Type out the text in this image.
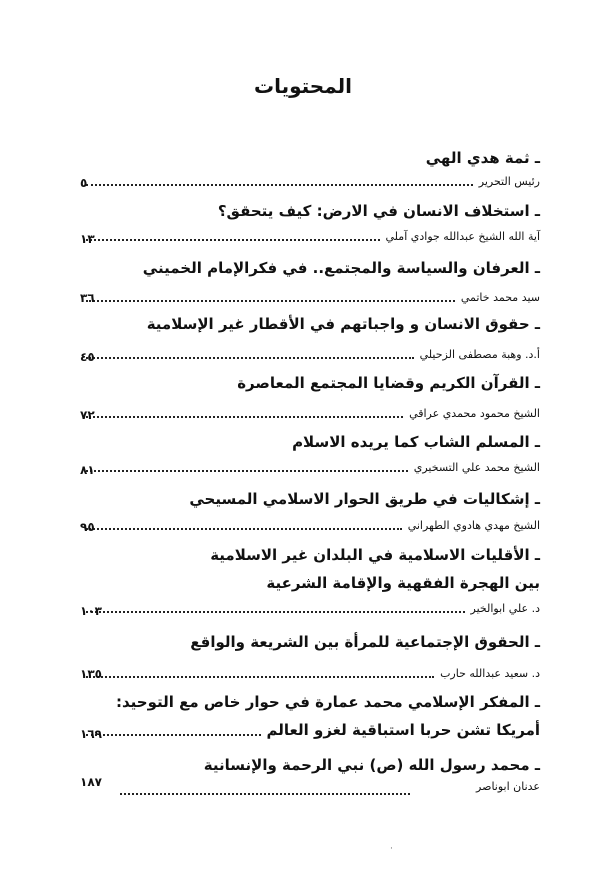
المحتويات
ـ ثمة هدي الهي
رئيس التحرير
٥
ـ استخلاف الانسان في الارض: كيف يتحقق؟
آية الله الشيخ عبدالله جوادي آملي
١٣
ـ العرفان والسياسة والمجتمع.. في فكرالإمام الخميني
سيد محمد خاتمي
٣٦
ـ حقوق الانسان و واجباتهم في الأقطار غير الإسلامية
أ.د. وهبة مصطفى الزحيلي
٤٥
ـ القرآن الكريم وقضايا المجتمع المعاصرة
الشيخ محمود محمدي عراقي
٧٢
ـ المسلم الشاب كما يريده الاسلام
الشيخ محمد علي التسخيري
٨١
ـ إشكاليات في طريق الحوار الاسلامي المسيحي
الشيخ مهدي هادوي الطهراني
٩٥
ـ الأقليات الاسلامية في البلدان غير الاسلامية
بين الهجرة الفقهية والإقامة الشرعية
د. علي ابوالخير
١٠٣
ـ الحقوق الإجتماعية للمرأة بين الشريعة والواقع
د. سعيد عبدالله حارب
١٣٥
ـ المفكر الإسلامي محمد عمارة في حوار خاص مع التوحيد:
أمريكا تشن حربا استباقية لغزو العالم
١٦٩
ـ محمد رسول الله (ص) نبي الرحمة والإنسانية
عدنان ابوناصر
١٨٧
·
